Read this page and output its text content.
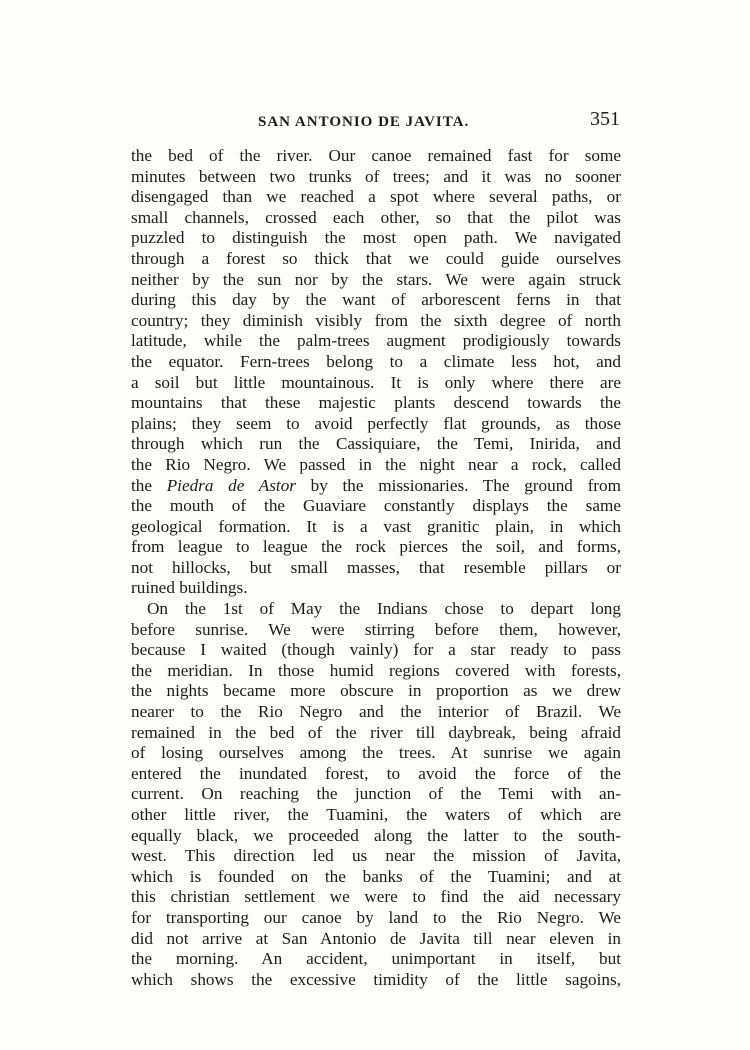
SAN ANTONIO DE JAVITA.	351
the bed of the river. Our canoe remained fast for some
minutes between two trunks of trees; and it was no sooner
disengaged than we reached a spot where several paths, or
small channels, crossed each other, so that the pilot was
puzzled to distinguish the most open path. We navigated
through a forest so thick that we could guide ourselves
neither by the sun nor by the stars. We were again struck
during this day by the want of arborescent ferns in that
country; they diminish visibly from the sixth degree of north
latitude, while the palm-trees augment prodigiously towards
the equator. Fern-trees belong to a climate less hot, and
a soil but little mountainous. It is only where there are
mountains that these majestic plants descend towards the
plains; they seem to avoid perfectly flat grounds, as those
through which run the Cassiquiare, the Temi, Inirida, and
the Rio Negro. We passed in the night near a rock, called
the Piedra de Astor by the missionaries. The ground from
the mouth of the Guaviare constantly displays the same
geological formation. It is a vast granitic plain, in which
from league to league the rock pierces the soil, and forms,
not hillocks, but small masses, that resemble pillars or
ruined buildings.
On the 1st of May the Indians chose to depart long
before sunrise. We were stirring before them, however,
because I waited (though vainly) for a star ready to pass
the meridian. In those humid regions covered with forests,
the nights became more obscure in proportion as we drew
nearer to the Rio Negro and the interior of Brazil. We
remained in the bed of the river till daybreak, being afraid
of losing ourselves among the trees. At sunrise we again
entered the inundated forest, to avoid the force of the
current. On reaching the junction of the Temi with an-
other little river, the Tuamini, the waters of which are
equally black, we proceeded along the latter to the south-
west. This direction led us near the mission of Javita,
which is founded on the banks of the Tuamini; and at
this christian settlement we were to find the aid necessary
for transporting our canoe by land to the Rio Negro. We
did not arrive at San Antonio de Javita till near eleven in
the morning. An accident, unimportant in itself, but
which shows the excessive timidity of the little sagoins,
